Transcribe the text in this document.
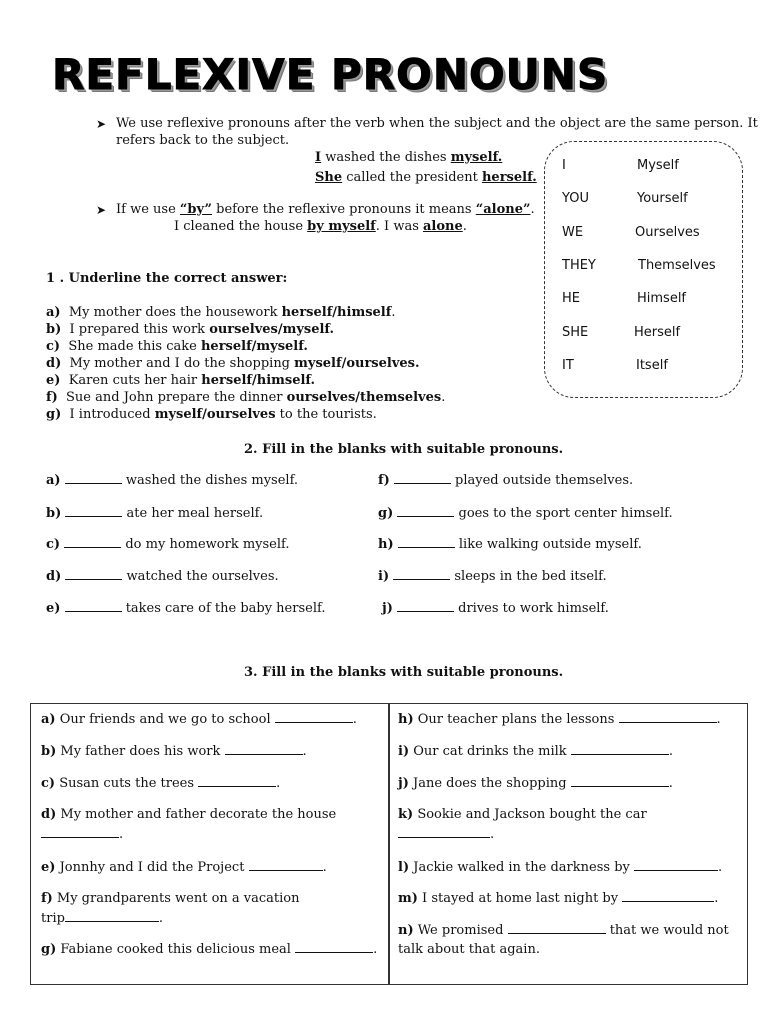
REFLEXIVE PRONOUNS
➤ We use reflexive pronouns after the verb when the subject and the object are the same person. It
refers back to the subject.
I washed the dishes myself.
She called the president herself.
➤ If we use “by” before the reflexive pronouns it means “alone”.
I cleaned the house by myself. I was alone.
I	Myself
YOU	Yourself
WE	Ourselves
THEY	Themselves
HE	Himself
SHE	Herself
IT	Itself
1 . Underline the correct answer:
a) My mother does the housework herself/himself.
b) I prepared this work ourselves/myself.
c) She made this cake herself/myself.
d) My mother and I do the shopping myself/ourselves.
e) Karen cuts her hair herself/himself.
f) Sue and John prepare the dinner ourselves/themselves.
g) I introduced myself/ourselves to the tourists.
2. Fill in the blanks with suitable pronouns.
a)	washed the dishes myself.
b)	ate her meal herself.
c)	do my homework myself.
d)	watched the ourselves.
e)	takes care of the baby herself.
f)	played outside themselves.
g)	goes to the sport center himself.
h)	like walking outside myself.
i)	sleeps in the bed itself.
j)	drives to work himself.
3. Fill in the blanks with suitable pronouns.
a) Our friends and we go to school	.
b) My father does his work	.
c) Susan cuts the trees	.
d) My mother and father decorate the house
.
e) Jonnhy and I did the Project	.
f) My grandparents went on a vacation
trip	.
g) Fabiane cooked this delicious meal	.
h) Our teacher plans the lessons	.
i) Our cat drinks the milk	.
j) Jane does the shopping	.
k) Sookie and Jackson bought the car
.
l) Jackie walked in the darkness by	.
m) I stayed at home last night by	.
n) We promised	that we would not
talk about that again.
